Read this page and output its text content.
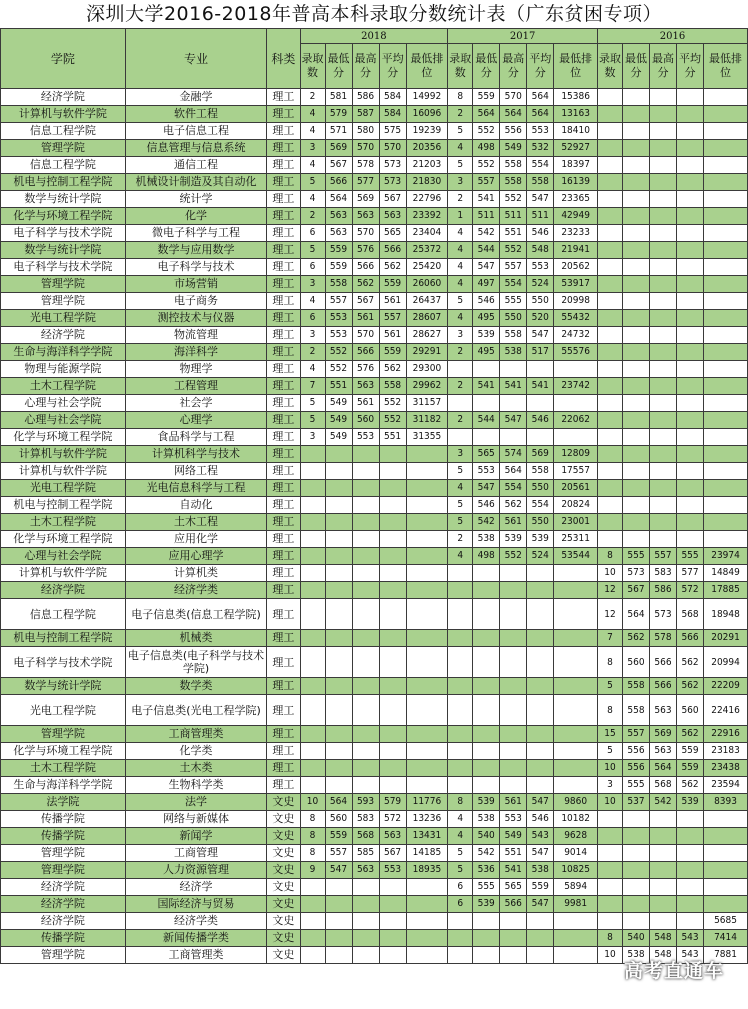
深圳大学2016-2018年普高本科录取分数统计表（广东贫困专项）
学院	专业	科类	2018					2017					2016				
			录取数	最低分	最高分	平均分	最低排位	录取数	最低分	最高分	平均分	最低排位	录取数	最低分	最高分	平均分	最低排位
经济学院	金融学	理工	2	581	586	584	14992	8	559	570	564	15386					
计算机与软件学院	软件工程	理工	4	579	587	584	16096	2	564	564	564	13163					
信息工程学院	电子信息工程	理工	4	571	580	575	19239	5	552	556	553	18410					
管理学院	信息管理与信息系统	理工	3	569	570	570	20356	4	498	549	532	52927					
信息工程学院	通信工程	理工	4	567	578	573	21203	5	552	558	554	18397					
机电与控制工程学院	机械设计制造及其自动化	理工	5	566	577	573	21830	3	557	558	558	16139					
数学与统计学院	统计学	理工	4	564	569	567	22796	2	541	552	547	23365					
化学与环境工程学院	化学	理工	2	563	563	563	23392	1	511	511	511	42949					
电子科学与技术学院	微电子科学与工程	理工	6	563	570	565	23404	4	542	551	546	23233					
数学与统计学院	数学与应用数学	理工	5	559	576	566	25372	4	544	552	548	21941					
电子科学与技术学院	电子科学与技术	理工	6	559	566	562	25420	4	547	557	553	20562					
管理学院	市场营销	理工	3	558	562	559	26060	4	497	554	524	53917					
管理学院	电子商务	理工	4	557	567	561	26437	5	546	555	550	20998					
光电工程学院	测控技术与仪器	理工	6	553	561	557	28607	4	495	550	520	55432					
经济学院	物流管理	理工	3	553	570	561	28627	3	539	558	547	24732					
生命与海洋科学学院	海洋科学	理工	2	552	566	559	29291	2	495	538	517	55576					
物理与能源学院	物理学	理工	4	552	576	562	29300										
土木工程学院	工程管理	理工	7	551	563	558	29962	2	541	541	541	23742					
心理与社会学院	社会学	理工	5	549	561	552	31157										
心理与社会学院	心理学	理工	5	549	560	552	31182	2	544	547	546	22062					
化学与环境工程学院	食品科学与工程	理工	3	549	553	551	31355										
计算机与软件学院	计算机科学与技术	理工						3	565	574	569	12809					
计算机与软件学院	网络工程	理工						5	553	564	558	17557					
光电工程学院	光电信息科学与工程	理工						4	547	554	550	20561					
机电与控制工程学院	自动化	理工						5	546	562	554	20824					
土木工程学院	土木工程	理工						5	542	561	550	23001					
化学与环境工程学院	应用化学	理工						2	538	539	539	25311					
心理与社会学院	应用心理学	理工						4	498	552	524	53544	8	555	557	555	23974
计算机与软件学院	计算机类	理工											10	573	583	577	14849
经济学院	经济学类	理工											12	567	586	572	17885
信息工程学院	电子信息类(信息工程学院)	理工											12	564	573	568	18948
机电与控制工程学院	机械类	理工											7	562	578	566	20291
电子科学与技术学院	电子信息类(电子科学与技术学院)	理工											8	560	566	562	20994
数学与统计学院	数学类	理工											5	558	566	562	22209
光电工程学院	电子信息类(光电工程学院)	理工											8	558	563	560	22416
管理学院	工商管理类	理工											15	557	569	562	22916
化学与环境工程学院	化学类	理工											5	556	563	559	23183
土木工程学院	土木类	理工											10	556	564	559	23438
生命与海洋科学学院	生物科学类	理工											3	555	568	562	23594
法学院	法学	文史	10	564	593	579	11776	8	539	561	547	9860	10	537	542	539	8393
传播学院	网络与新媒体	文史	8	560	583	572	13236	4	538	553	546	10182					
传播学院	新闻学	文史	8	559	568	563	13431	4	540	549	543	9628					
管理学院	工商管理	文史	8	557	585	567	14185	5	542	551	547	9014					
管理学院	人力资源管理	文史	9	547	563	553	18935	5	536	541	538	10825					
经济学院	经济学	文史						6	555	565	559	5894					
经济学院	国际经济与贸易	文史						6	539	566	547	9981					
经济学院	经济学类	文史															5685
传播学院	新闻传播学类	文史											8	540	548	543	7414
管理学院	工商管理类	文史											10	538	548	543	7881
高考直通车
